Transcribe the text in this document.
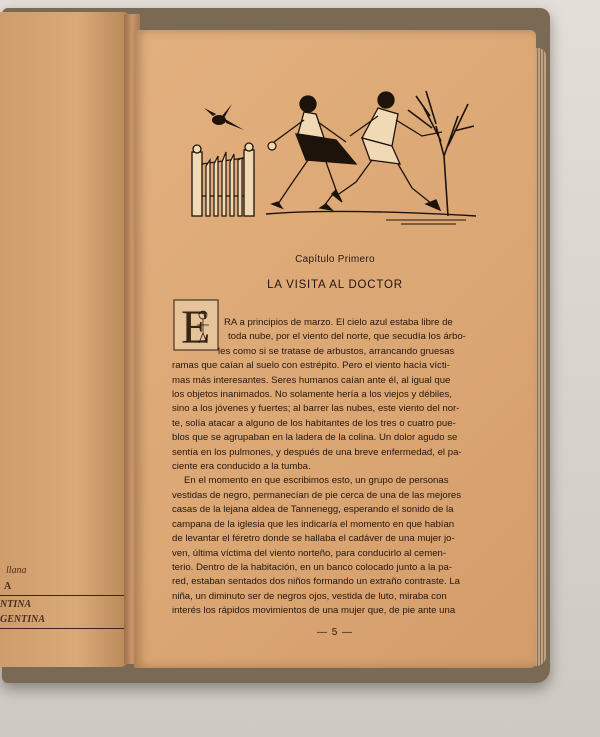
llana
A
NTINA
GENTINA
Capítulo Primero
LA VISITA AL DOCTOR
E	RA a principios de marzo. El cielo azul estaba libre de
toda nube, por el viento del norte, que secudía los árbo-
les como si se tratase de arbustos, arrancando gruesas
ramas que caían al suelo con estrépito. Pero el viento hacía vícti-
mas más interesantes. Seres humanos caían ante él, al igual que
los objetos inanimados. No solamente hería a los viejos y débiles,
sino a los jóvenes y fuertes; al barrer las nubes, este viento del nor-
te, solía atacar a alguno de los habitantes de los tres o cuatro pue-
blos que se agrupaban en la ladera de la colina. Un dolor agudo se
sentía en los pulmones, y después de una breve enfermedad, el pa-
ciente era conducido a la tumba.
En el momento en que escribimos esto, un grupo de personas
vestidas de negro, permanecían de pie cerca de una de las mejores
casas de la lejana aldea de Tannenegg, esperando el sonido de la
campana de la iglesia que les indicaría el momento en que habían
de levantar el féretro donde se hallaba el cadáver de una mujer jo-
ven, última víctima del viento norteño, para conducirlo al cemen-
terio. Dentro de la habitación, en un banco colocado junto a la pa-
red, estaban sentados dos niños formando un extraño contraste. La
niña, un diminuto ser de negros ojos, vestida de luto, miraba con
interés los rápidos movimientos de una mujer que, de pie ante una
— 5 —
